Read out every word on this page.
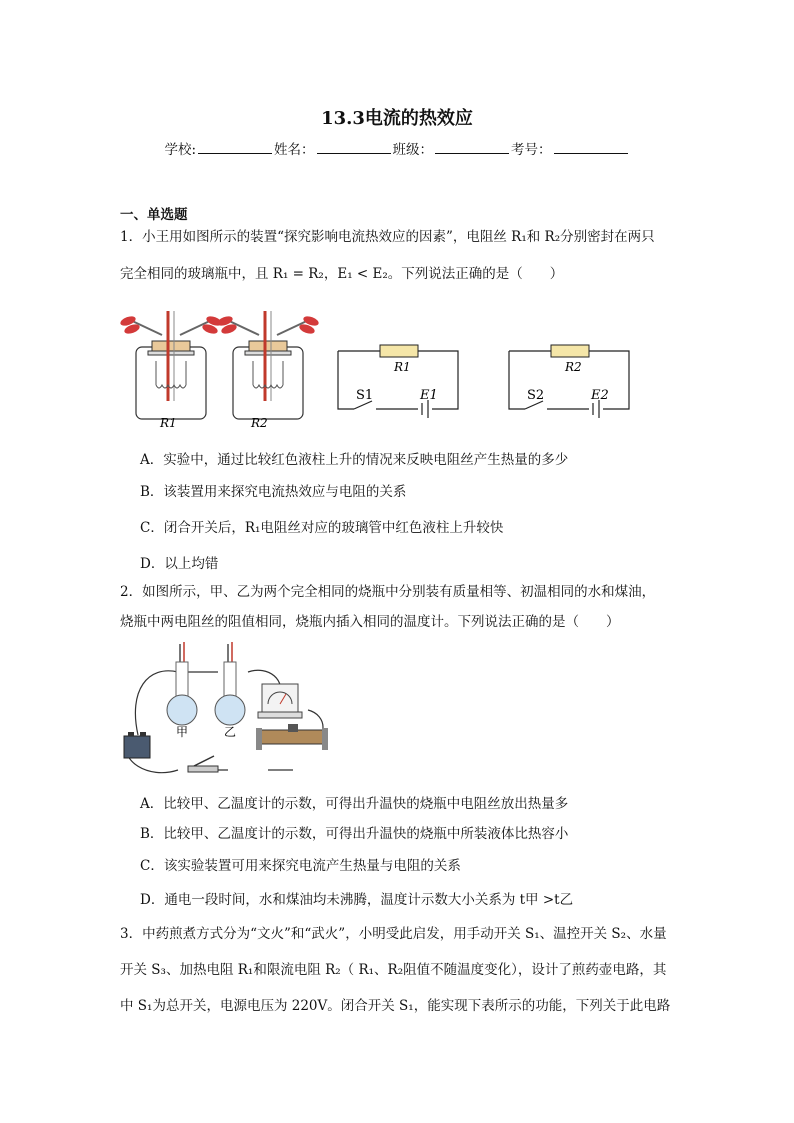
13.3电流的热效应
学校:	姓名：	班级：	考号：
一、单选题
1．小王用如图所示的装置“探究影响电流热效应的因素”，电阻丝 R₁和 R₂分别密封在两只
完全相同的玻璃瓶中，且 R₁ = R₂，E₁ < E₂。下列说法正确的是（　　）
R1	R2
R1
S1	E1
R2
S2	E2
A．实验中，通过比较红色液柱上升的情况来反映电阻丝产生热量的多少
B．该装置用来探究电流热效应与电阻的关系
C．闭合开关后，R₁电阻丝对应的玻璃管中红色液柱上升较快
D．以上均错
2．如图所示，甲、乙为两个完全相同的烧瓶中分别装有质量相等、初温相同的水和煤油，
烧瓶中两电阻丝的阻值相同，烧瓶内插入相同的温度计。下列说法正确的是（　　）
甲	乙
A．比较甲、乙温度计的示数，可得出升温快的烧瓶中电阻丝放出热量多
B．比较甲、乙温度计的示数，可得出升温快的烧瓶中所装液体比热容小
C．该实验装置可用来探究电流产生热量与电阻的关系
D．通电一段时间，水和煤油均未沸腾，温度计示数大小关系为 t甲 >t乙
3．中药煎煮方式分为“文火”和“武火”，小明受此启发，用手动开关 S₁、温控开关 S₂、水量
开关 S₃、加热电阻 R₁和限流电阻 R₂（ R₁、R₂阻值不随温度变化），设计了煎药壶电路，其
中 S₁为总开关，电源电压为 220V。闭合开关 S₁，能实现下表所示的功能，下列关于此电路
